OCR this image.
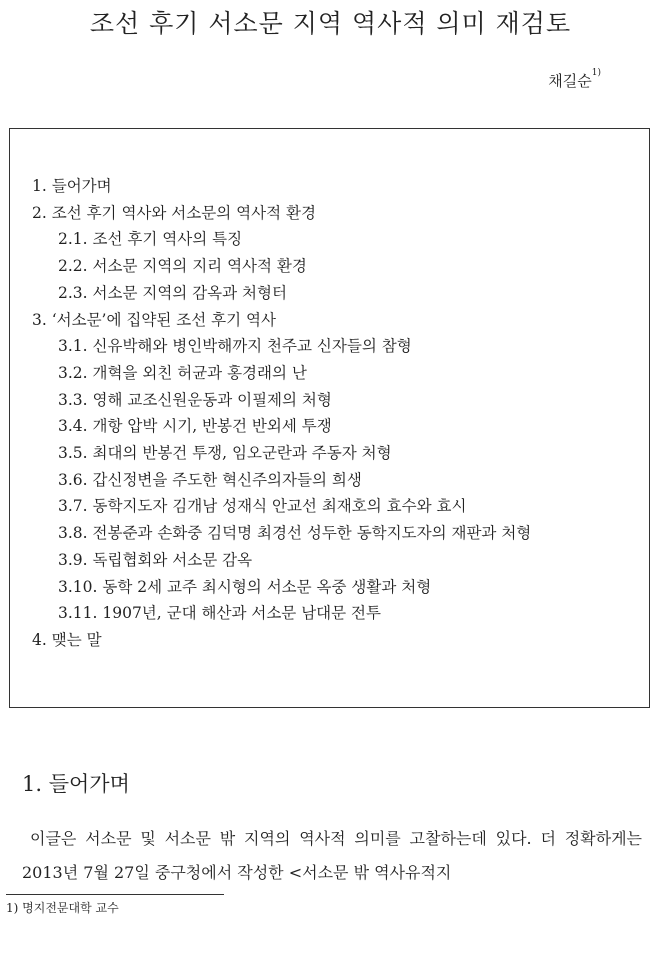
조선 후기 서소문 지역 역사적 의미 재검토
채길순$^{1)}$
1. 들어가며
2. 조선 후기 역사와 서소문의 역사적 환경
2.1. 조선 후기 역사의 특징
2.2. 서소문 지역의 지리 역사적 환경
2.3. 서소문 지역의 감옥과 처형터
3. ‘서소문’에 집약된 조선 후기 역사
3.1. 신유박해와 병인박해까지 천주교 신자들의 참형
3.2. 개혁을 외친 허균과 홍경래의 난
3.3. 영해 교조신원운동과 이필제의 처형
3.4. 개항 압박 시기, 반봉건 반외세 투쟁
3.5. 최대의 반봉건 투쟁, 임오군란과 주동자 처형
3.6. 갑신정변을 주도한 혁신주의자들의 희생
3.7. 동학지도자 김개남 성재식 안교선 최재호의 효수와 효시
3.8. 전봉준과 손화중 김덕명 최경선 성두한 동학지도자의 재판과 처형
3.9. 독립협회와 서소문 감옥
3.10. 동학 2세 교주 최시형의 서소문 옥중 생활과 처형
3.11. 1907년, 군대 해산과 서소문 남대문 전투
4. 맺는 말
1. 들어가며
이글은 서소문 및 서소문 밖 지역의 역사적 의미를 고찰하는데 있다. 더 정확하게는 2013년 7월 27일 중구청에서 작성한 <서소문 밖 역사유적지
1) 명지전문대학 교수
